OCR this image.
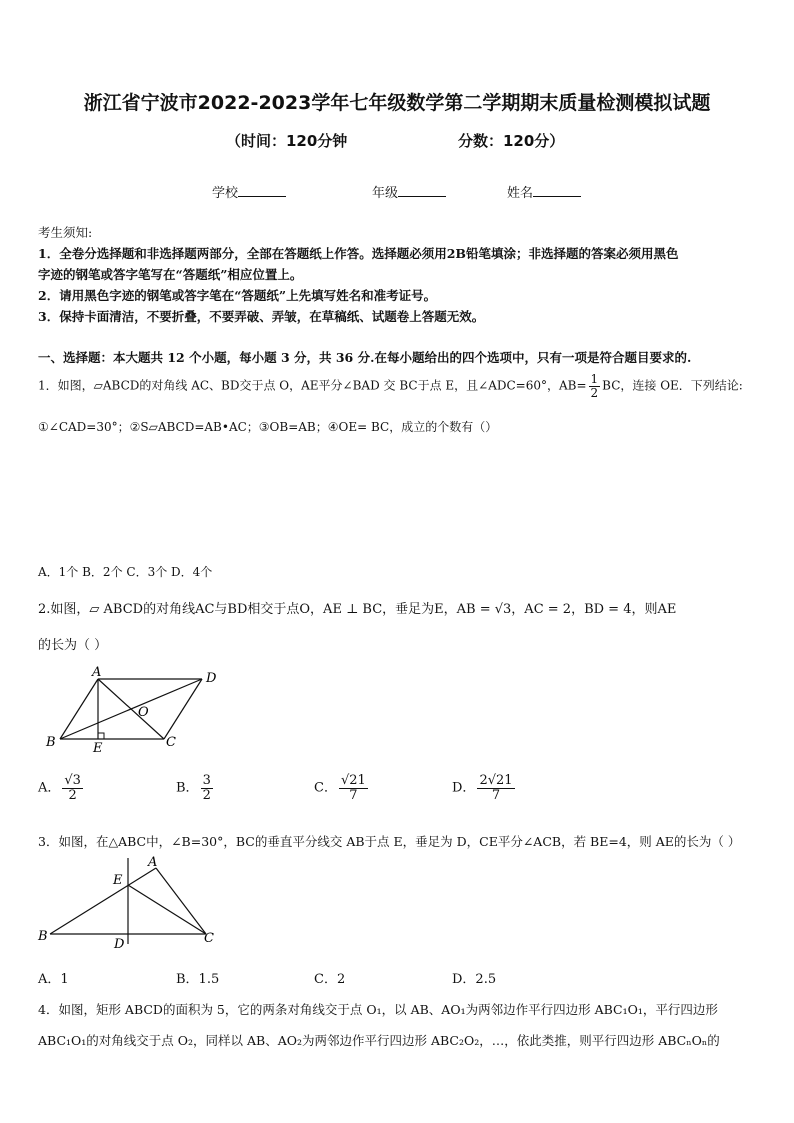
浙江省宁波市2022-2023学年七年级数学第二学期期末质量检测模拟试题
（时间：120分钟	分数：120分）
学校	年级	姓名
考生须知:
1．全卷分选择题和非选择题两部分，全部在答题纸上作答。选择题必须用2B铅笔填涂；非选择题的答案必须用黑色
字迹的钢笔或答字笔写在“答题纸”相应位置上。
2．请用黑色字迹的钢笔或答字笔在“答题纸”上先填写姓名和准考证号。
3．保持卡面清洁，不要折叠，不要弄破、弄皱，在草稿纸、试题卷上答题无效。
一、选择题：本大题共 12 个小题，每小题 3 分，共 36 分.在每小题给出的四个选项中，只有一项是符合题目要求的.
1．如图，▱ABCD的对角线 AC、BD交于点 O，AE平分∠BAD 交 BC于点 E，且∠ADC=60°，$AB= \frac{1}{2}$ BC，连接 OE．下列结论:
①∠CAD=30°；②S▱ABCD=AB•AC；③OB=AB；④OE= BC，成立的个数有（）
A．1个 B．2个 C．3个 D．4个
2.如图，▱ ABCD的对角线AC与BD相交于点O，AE ⊥ BC，垂足为E，AB = √3，AC = 2，BD = 4，则AE
的长为（ ）
A	D
O
B	E	C
A． $\frac{√3}{2}$	B． $\frac{3}{2}$	C． $\frac{√21}{7}$	D． $\frac{2√21}{7}$
3．如图，在△ABC中，∠B=30°，BC的垂直平分线交 AB于点 E，垂足为 D，CE平分∠ACB，若 BE=4，则 AE的长为（ ）
A
E
B
D	C
A．1	B．1.5	C．2	D．2.5
4．如图，矩形 ABCD的面积为 5，它的两条对角线交于点 O₁，以 AB、AO₁为两邻边作平行四边形 ABC₁O₁，平行四边形
ABC₁O₁的对角线交于点 O₂，同样以 AB、AO₂为两邻边作平行四边形 ABC₂O₂，…，依此类推，则平行四边形 ABCₙOₙ的
